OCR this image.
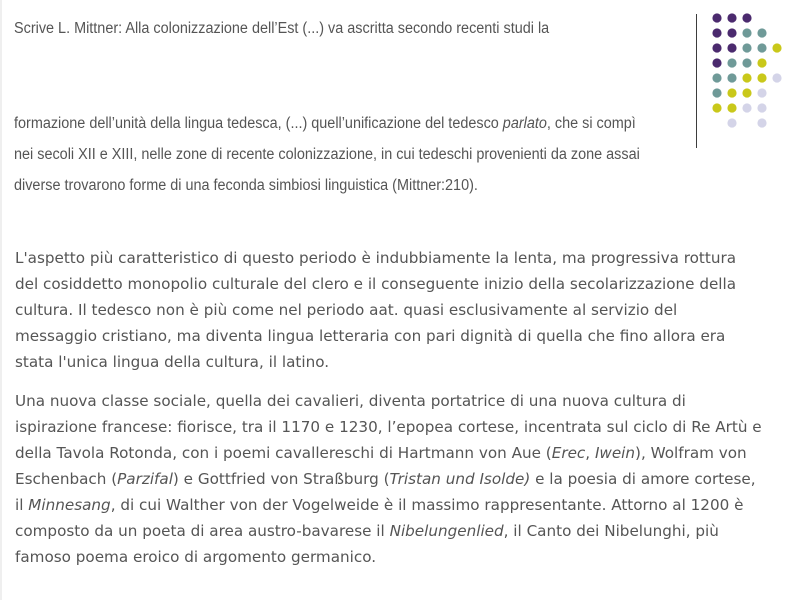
Scrive L. Mittner: Alla colonizzazione dell’Est (...) va ascritta secondo recenti studi la
formazione dell’unità della lingua tedesca, (...) quell’unificazione del tedesco parlato, che si compì
nei secoli XII e XIII, nelle zone di recente colonizzazione, in cui tedeschi provenienti da zone assai
diverse trovarono forme di una feconda simbiosi linguistica (Mittner:210).
L'aspetto più caratteristico di questo periodo è indubbiamente la lenta, ma progressiva rottura
del cosiddetto monopolio culturale del clero e il conseguente inizio della secolarizzazione della
cultura. Il tedesco non è più come nel periodo aat. quasi esclusivamente al servizio del
messaggio cristiano, ma diventa lingua letteraria con pari dignità di quella che fino allora era
stata l'unica lingua della cultura, il latino.
Una nuova classe sociale, quella dei cavalieri, diventa portatrice di una nuova cultura di
ispirazione francese: fiorisce, tra il 1170 e 1230, l’epopea cortese, incentrata sul ciclo di Re Artù e
della Tavola Rotonda, con i poemi cavallereschi di Hartmann von Aue (Erec, Iwein), Wolfram von
Eschenbach (Parzifal) e Gottfried von Straßburg (Tristan und Isolde) e la poesia di amore cortese,
il Minnesang, di cui Walther von der Vogelweide è il massimo rappresentante. Attorno al 1200 è
composto da un poeta di area austro-bavarese il Nibelungenlied, il Canto dei Nibelunghi, più
famoso poema eroico di argomento germanico.
